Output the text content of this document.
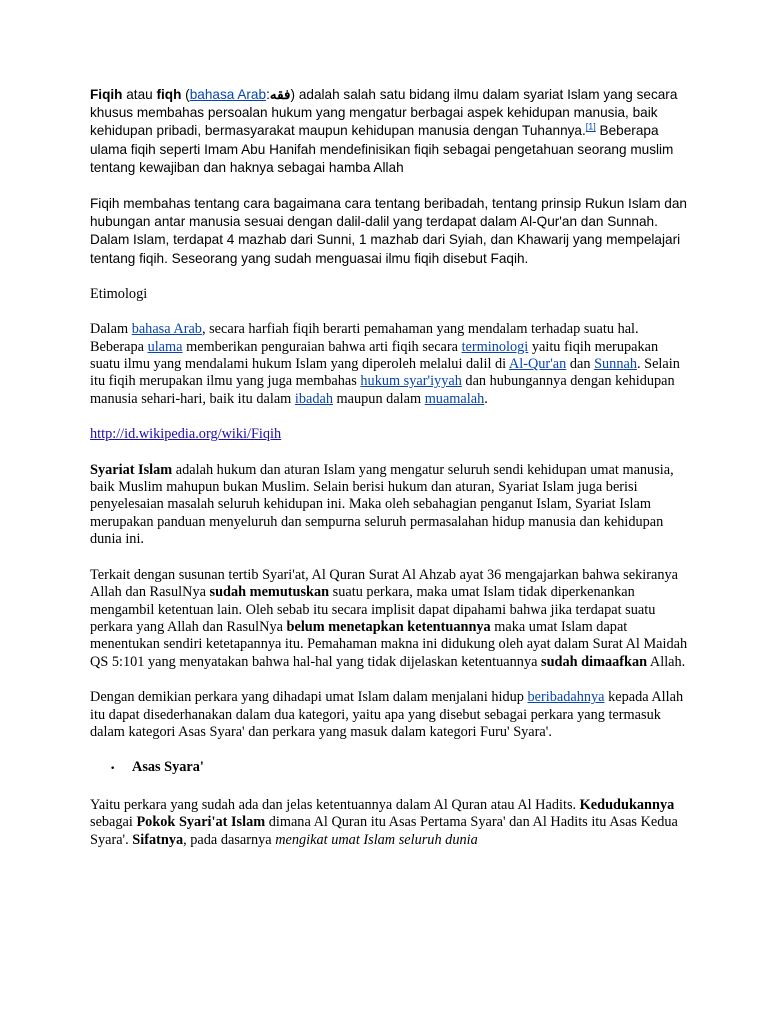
Fiqih atau fiqh (bahasa Arab:فقه) adalah salah satu bidang ilmu dalam syariat Islam yang secara khusus membahas persoalan hukum yang mengatur berbagai aspek kehidupan manusia, baik kehidupan pribadi, bermasyarakat maupun kehidupan manusia dengan Tuhannya.[1] Beberapa ulama fiqih seperti Imam Abu Hanifah mendefinisikan fiqih sebagai pengetahuan seorang muslim tentang kewajiban dan haknya sebagai hamba Allah

Fiqih membahas tentang cara bagaimana cara tentang beribadah, tentang prinsip Rukun Islam dan hubungan antar manusia sesuai dengan dalil-dalil yang terdapat dalam Al-Qur'an dan Sunnah. Dalam Islam, terdapat 4 mazhab dari Sunni, 1 mazhab dari Syiah, dan Khawarij yang mempelajari tentang fiqih. Seseorang yang sudah menguasai ilmu fiqih disebut Faqih.

Etimologi

Dalam bahasa Arab, secara harfiah fiqih berarti pemahaman yang mendalam terhadap suatu hal. Beberapa ulama memberikan penguraian bahwa arti fiqih secara terminologi yaitu fiqih merupakan suatu ilmu yang mendalami hukum Islam yang diperoleh melalui dalil di Al-Qur'an dan Sunnah. Selain itu fiqih merupakan ilmu yang juga membahas hukum syar'iyyah dan hubungannya dengan kehidupan manusia sehari-hari, baik itu dalam ibadah maupun dalam muamalah.

http://id.wikipedia.org/wiki/Fiqih

Syariat Islam adalah hukum dan aturan Islam yang mengatur seluruh sendi kehidupan umat manusia, baik Muslim mahupun bukan Muslim. Selain berisi hukum dan aturan, Syariat Islam juga berisi penyelesaian masalah seluruh kehidupan ini. Maka oleh sebahagian penganut Islam, Syariat Islam merupakan panduan menyeluruh dan sempurna seluruh permasalahan hidup manusia dan kehidupan dunia ini.

Terkait dengan susunan tertib Syari'at, Al Quran Surat Al Ahzab ayat 36 mengajarkan bahwa sekiranya Allah dan RasulNya sudah memutuskan suatu perkara, maka umat Islam tidak diperkenankan mengambil ketentuan lain. Oleh sebab itu secara implisit dapat dipahami bahwa jika terdapat suatu perkara yang Allah dan RasulNya belum menetapkan ketentuannya maka umat Islam dapat menentukan sendiri ketetapannya itu. Pemahaman makna ini didukung oleh ayat dalam Surat Al Maidah QS 5:101 yang menyatakan bahwa hal-hal yang tidak dijelaskan ketentuannya sudah dimaafkan Allah.

Dengan demikian perkara yang dihadapi umat Islam dalam menjalani hidup beribadahnya kepada Allah itu dapat disederhanakan dalam dua kategori, yaitu apa yang disebut sebagai perkara yang termasuk dalam kategori Asas Syara' dan perkara yang masuk dalam kategori Furu' Syara'.

•	Asas Syara'

Yaitu perkara yang sudah ada dan jelas ketentuannya dalam Al Quran atau Al Hadits. Kedudukannya sebagai Pokok Syari'at Islam dimana Al Quran itu Asas Pertama Syara' dan Al Hadits itu Asas Kedua Syara'. Sifatnya, pada dasarnya mengikat umat Islam seluruh dunia
